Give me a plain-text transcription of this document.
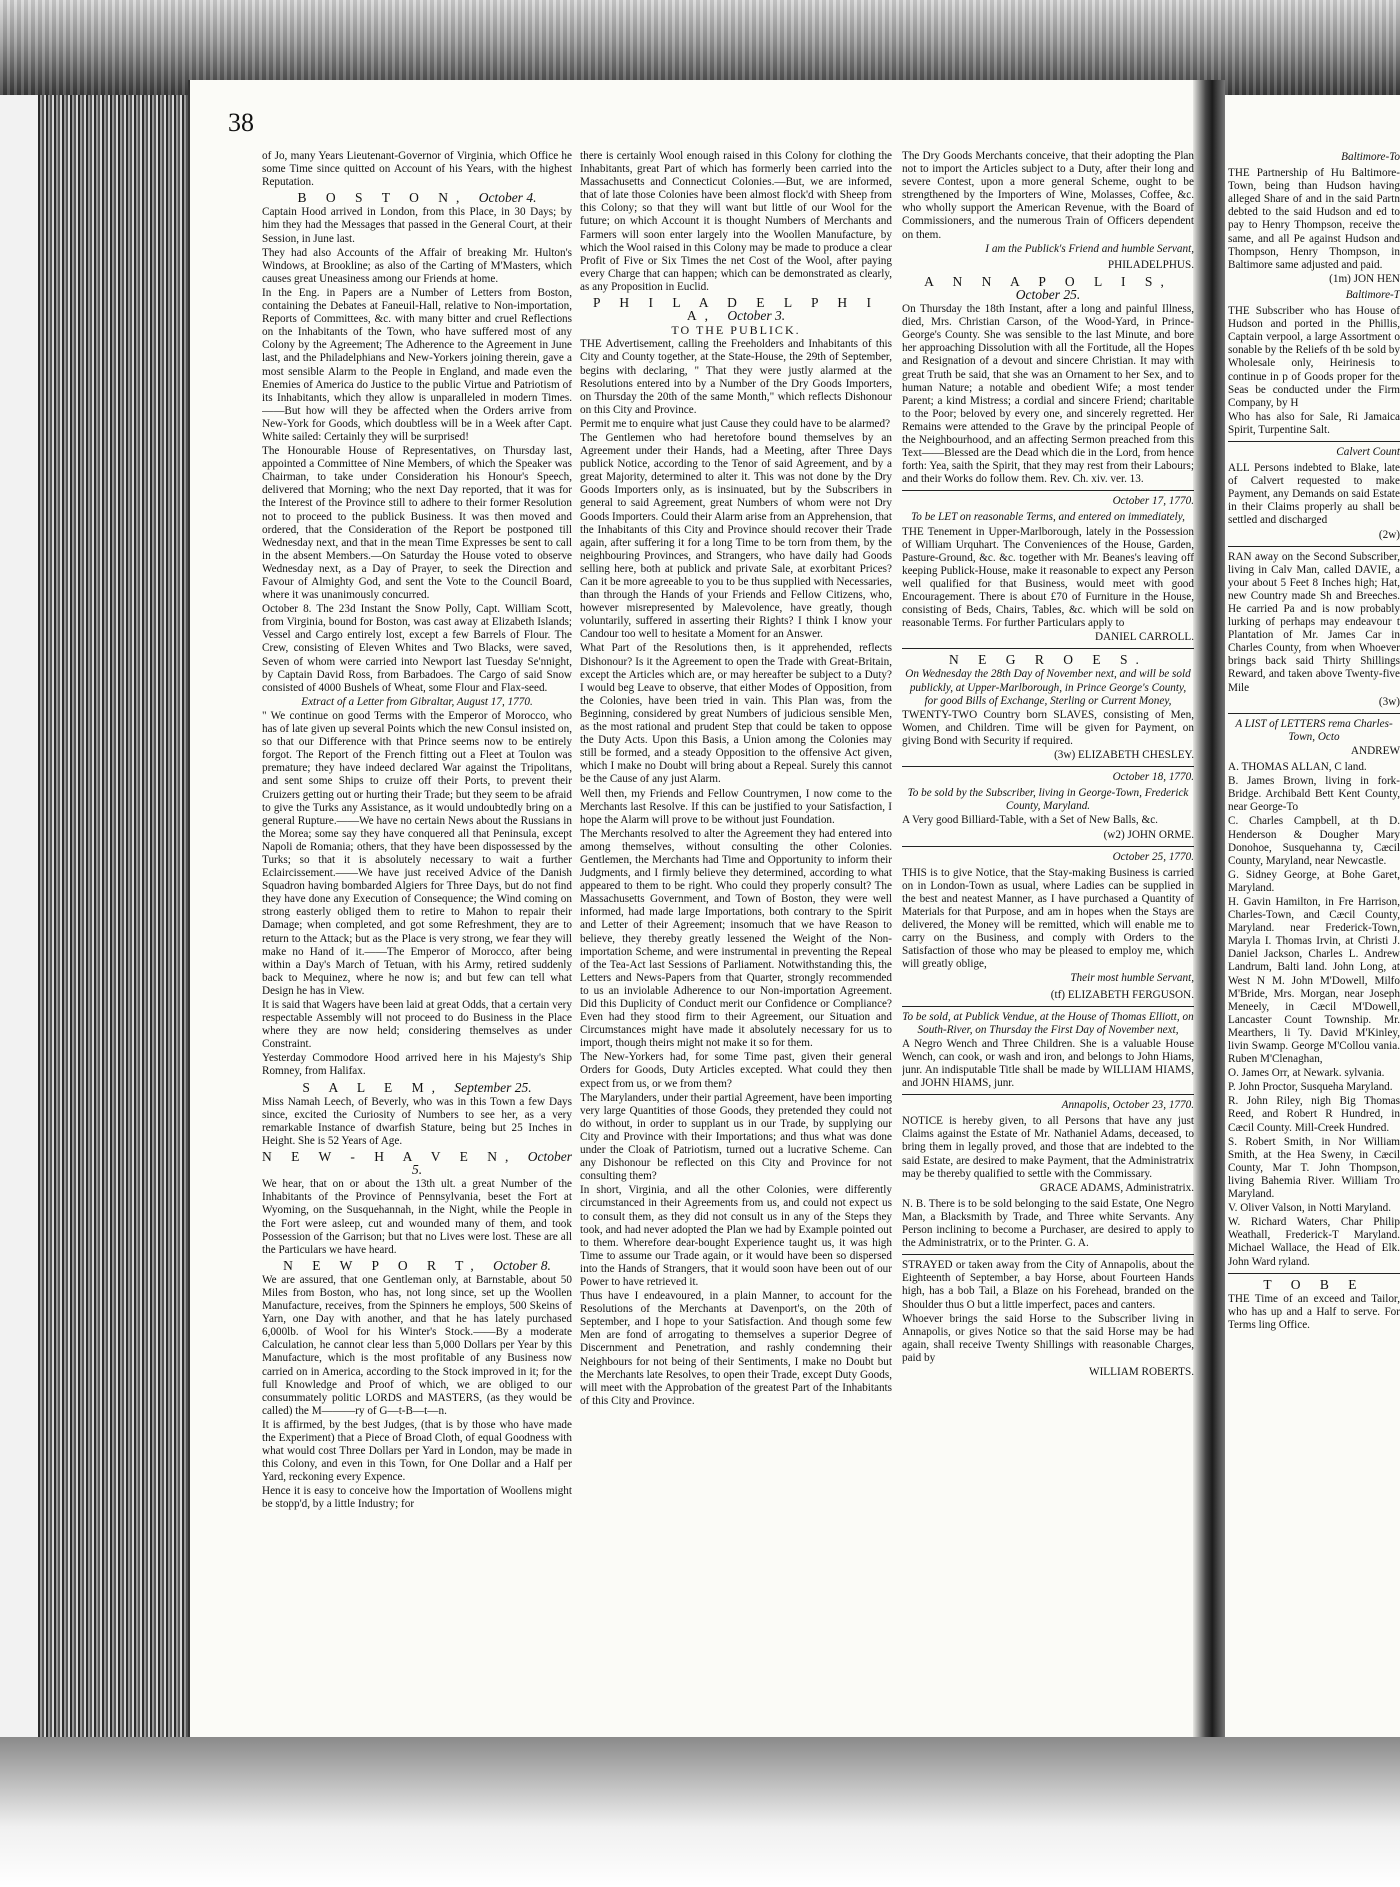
38

of Jo, many Years Lieutenant-Governor of Virginia, which Office he some Time since quitted on Account of his Years, with the highest Reputation.

B O S T O N, October 4.

Captain Hood arrived in London, from this Place, in 30 Days; by him they had the Messages that passed in the General Court, at their Session, in June last.

They had also Accounts of the Affair of breaking Mr. Hulton's Windows, at Brookline; as also of the Carting of M'Masters, which causes great Uneasiness among our Friends at home.

In the Eng. in Papers are a Number of Letters from Boston, containing the Debates at Faneuil-Hall, relative to Non-importation, Reports of Committees, &c. with many bitter and cruel Reflections on the Inhabitants of the Town, who have suffered most of any Colony by the Agreement; The Adherence to the Agreement in June last, and the Philadelphians and New-Yorkers joining therein, gave a most sensible Alarm to the People in England, and made even the Enemies of America do Justice to the public Virtue and Patriotism of its Inhabitants, which they allow is unparalleled in modern Times.——But how will they be affected when the Orders arrive from New-York for Goods, which doubtless will be in a Week after Capt. White sailed: Certainly they will be surprised!

The Honourable House of Representatives, on Thursday last, appointed a Committee of Nine Members, of which the Speaker was Chairman, to take under Consideration his Honour's Speech, delivered that Morning; who the next Day reported, that it was for the Interest of the Province still to adhere to their former Resolution not to proceed to the publick Business. It was then moved and ordered, that the Consideration of the Report be postponed till Wednesday next, and that in the mean Time Expresses be sent to call in the absent Members.—On Saturday the House voted to observe Wednesday next, as a Day of Prayer, to seek the Direction and Favour of Almighty God, and sent the Vote to the Council Board, where it was unanimously concurred.

October 8. The 23d Instant the Snow Polly, Capt. William Scott, from Virginia, bound for Boston, was cast away at Elizabeth Islands; Vessel and Cargo entirely lost, except a few Barrels of Flour. The Crew, consisting of Eleven Whites and Two Blacks, were saved, Seven of whom were carried into Newport last Tuesday Se'nnight, by Captain David Ross, from Barbadoes. The Cargo of said Snow consisted of 4000 Bushels of Wheat, some Flour and Flax-seed.

Extract of a Letter from Gibraltar, August 17, 1770.

" We continue on good Terms with the Emperor of Morocco, who has of late given up several Points which the new Consul insisted on, so that our Difference with that Prince seems now to be entirely forgot. The Report of the French fitting out a Fleet at Toulon was premature; they have indeed declared War against the Tripolitans, and sent some Ships to cruize off their Ports, to prevent their Cruizers getting out or hurting their Trade; but they seem to be afraid to give the Turks any Assistance, as it would undoubtedly bring on a general Rupture.——We have no certain News about the Russians in the Morea; some say they have conquered all that Peninsula, except Napoli de Romania; others, that they have been dispossessed by the Turks; so that it is absolutely necessary to wait a further Eclaircissement.——We have just received Advice of the Danish Squadron having bombarded Algiers for Three Days, but do not find they have done any Execution of Consequence; the Wind coming on strong easterly obliged them to retire to Mahon to repair their Damage; when completed, and got some Refreshment, they are to return to the Attack; but as the Place is very strong, we fear they will make no Hand of it.——The Emperor of Morocco, after being within a Day's March of Tetuan, with his Army, retired suddenly back to Mequinez, where he now is; and but few can tell what Design he has in View.

It is said that Wagers have been laid at great Odds, that a certain very respectable Assembly will not proceed to do Business in the Place where they are now held; considering themselves as under Constraint.

Yesterday Commodore Hood arrived here in his Majesty's Ship Romney, from Halifax.

S A L E M, September 25.

Miss Namah Leech, of Beverly, who was in this Town a few Days since, excited the Curiosity of Numbers to see her, as a very remarkable Instance of dwarfish Stature, being but 25 Inches in Height. She is 52 Years of Age.

N E W - H A V E N, October 5.

We hear, that on or about the 13th ult. a great Number of the Inhabitants of the Province of Pennsylvania, beset the Fort at Wyoming, on the Susquehannah, in the Night, while the People in the Fort were asleep, cut and wounded many of them, and took Possession of the Garrison; but that no Lives were lost. These are all the Particulars we have heard.

N E W P O R T, October 8.

We are assured, that one Gentleman only, at Barnstable, about 50 Miles from Boston, who has, not long since, set up the Woollen Manufacture, receives, from the Spinners he employs, 500 Skeins of Yarn, one Day with another, and that he has lately purchased 6,000lb. of Wool for his Winter's Stock.——By a moderate Calculation, he cannot clear less than 5,000 Dollars per Year by this Manufacture, which is the most profitable of any Business now carried on in America, according to the Stock improved in it; for the full Knowledge and Proof of which, we are obliged to our consummately politic LORDS and MASTERS, (as they would be called) the M———ry of G—t-B—t—n.

It is affirmed, by the best Judges, (that is by those who have made the Experiment) that a Piece of Broad Cloth, of equal Goodness with what would cost Three Dollars per Yard in London, may be made in this Colony, and even in this Town, for One Dollar and a Half per Yard, reckoning every Expence.

Hence it is easy to conceive how the Importation of Woollens might be stopp'd, by a little Industry; for

there is certainly Wool enough raised in this Colony for clothing the Inhabitants, great Part of which has formerly been carried into the Massachusetts and Connecticut Colonies.—But, we are informed, that of late those Colonies have been almost flock'd with Sheep from this Colony; so that they will want but little of our Wool for the future; on which Account it is thought Numbers of Merchants and Farmers will soon enter largely into the Woollen Manufacture, by which the Wool raised in this Colony may be made to produce a clear Profit of Five or Six Times the net Cost of the Wool, after paying every Charge that can happen; which can be demonstrated as clearly, as any Proposition in Euclid.

P H I L A D E L P H I A, October 3.
TO THE PUBLICK.

THE Advertisement, calling the Freeholders and Inhabitants of this City and County together, at the State-House, the 29th of September, begins with declaring, " That they were justly alarmed at the Resolutions entered into by a Number of the Dry Goods Importers, on Thursday the 20th of the same Month," which reflects Dishonour on this City and Province.

Permit me to enquire what just Cause they could have to be alarmed?

The Gentlemen who had heretofore bound themselves by an Agreement under their Hands, had a Meeting, after Three Days publick Notice, according to the Tenor of said Agreement, and by a great Majority, determined to alter it. This was not done by the Dry Goods Importers only, as is insinuated, but by the Subscribers in general to said Agreement, great Numbers of whom were not Dry Goods Importers. Could their Alarm arise from an Apprehension, that the Inhabitants of this City and Province should recover their Trade again, after suffering it for a long Time to be torn from them, by the neighbouring Provinces, and Strangers, who have daily had Goods selling here, both at publick and private Sale, at exorbitant Prices? Can it be more agreeable to you to be thus supplied with Necessaries, than through the Hands of your Friends and Fellow Citizens, who, however misrepresented by Malevolence, have greatly, though voluntarily, suffered in asserting their Rights? I think I know your Candour too well to hesitate a Moment for an Answer.

What Part of the Resolutions then, is it apprehended, reflects Dishonour? Is it the Agreement to open the Trade with Great-Britain, except the Articles which are, or may hereafter be subject to a Duty? I would beg Leave to observe, that either Modes of Opposition, from the Colonies, have been tried in vain. This Plan was, from the Beginning, considered by great Numbers of judicious sensible Men, as the most rational and prudent Step that could be taken to oppose the Duty Acts. Upon this Basis, a Union among the Colonies may still be formed, and a steady Opposition to the offensive Act given, which I make no Doubt will bring about a Repeal. Surely this cannot be the Cause of any just Alarm.

Well then, my Friends and Fellow Countrymen, I now come to the Merchants last Resolve. If this can be justified to your Satisfaction, I hope the Alarm will prove to be without just Foundation.

The Merchants resolved to alter the Agreement they had entered into among themselves, without consulting the other Colonies. Gentlemen, the Merchants had Time and Opportunity to inform their Judgments, and I firmly believe they determined, according to what appeared to them to be right. Who could they properly consult? The Massachusetts Government, and Town of Boston, they were well informed, had made large Importations, both contrary to the Spirit and Letter of their Agreement; insomuch that we have Reason to believe, they thereby greatly lessened the Weight of the Non-importation Scheme, and were instrumental in preventing the Repeal of the Tea-Act last Sessions of Parliament. Notwithstanding this, the Letters and News-Papers from that Quarter, strongly recommended to us an inviolable Adherence to our Non-importation Agreement. Did this Duplicity of Conduct merit our Confidence or Compliance? Even had they stood firm to their Agreement, our Situation and Circumstances might have made it absolutely necessary for us to import, though theirs might not make it so for them.

The New-Yorkers had, for some Time past, given their general Orders for Goods, Duty Articles excepted. What could they then expect from us, or we from them?

The Marylanders, under their partial Agreement, have been importing very large Quantities of those Goods, they pretended they could not do without, in order to supplant us in our Trade, by supplying our City and Province with their Importations; and thus what was done under the Cloak of Patriotism, turned out a lucrative Scheme. Can any Dishonour be reflected on this City and Province for not consulting them?

In short, Virginia, and all the other Colonies, were differently circumstanced in their Agreements from us, and could not expect us to consult them, as they did not consult us in any of the Steps they took, and had never adopted the Plan we had by Example pointed out to them. Wherefore dear-bought Experience taught us, it was high Time to assume our Trade again, or it would have been so dispersed into the Hands of Strangers, that it would soon have been out of our Power to have retrieved it.

Thus have I endeavoured, in a plain Manner, to account for the Resolutions of the Merchants at Davenport's, on the 20th of September, and I hope to your Satisfaction. And though some few Men are fond of arrogating to themselves a superior Degree of Discernment and Penetration, and rashly condemning their Neighbours for not being of their Sentiments, I make no Doubt but the Merchants late Resolves, to open their Trade, except Duty Goods, will meet with the Approbation of the greatest Part of the Inhabitants of this City and Province.

The Dry Goods Merchants conceive, that their adopting the Plan not to import the Articles subject to a Duty, after their long and severe Contest, upon a more general Scheme, ought to be strengthened by the Importers of Wine, Molasses, Coffee, &c. who wholly support the American Revenue, with the Board of Commissioners, and the numerous Train of Officers dependent on them.

I am the Publick's Friend and humble Servant,
PHILADELPHUS.
A N N A P O L I S, October 25.

On Thursday the 18th Instant, after a long and painful Illness, died, Mrs. Christian Carson, of the Wood-Yard, in Prince-George's County. She was sensible to the last Minute, and bore her approaching Dissolution with all the Fortitude, all the Hopes and Resignation of a devout and sincere Christian. It may with great Truth be said, that she was an Ornament to her Sex, and to human Nature; a notable and obedient Wife; a most tender Parent; a kind Mistress; a cordial and sincere Friend; charitable to the Poor; beloved by every one, and sincerely regretted. Her Remains were attended to the Grave by the principal People of the Neighbourhood, and an affecting Sermon preached from this Text——Blessed are the Dead which die in the Lord, from hence forth: Yea, saith the Spirit, that they may rest from their Labours; and their Works do follow them. Rev. Ch. xiv. ver. 13.

October 17, 1770.

To be LET on reasonable Terms, and entered on immediately,

THE Tenement in Upper-Marlborough, lately in the Possession of William Urquhart. The Conveniences of the House, Garden, Pasture-Ground, &c. &c. together with Mr. Beanes's leaving off keeping Publick-House, make it reasonable to expect any Person well qualified for that Business, would meet with good Encouragement. There is about £70 of Furniture in the House, consisting of Beds, Chairs, Tables, &c. which will be sold on reasonable Terms. For further Particulars apply to

DANIEL CARROLL.
N E G R O E S.

On Wednesday the 28th Day of November next, and will be sold publickly, at Upper-Marlborough, in Prince George's County, for good Bills of Exchange, Sterling or Current Money,

TWENTY-TWO Country born SLAVES, consisting of Men, Women, and Children. Time will be given for Payment, on giving Bond with Security if required.

(3w) ELIZABETH CHESLEY.
October 18, 1770.

To be sold by the Subscriber, living in George-Town, Frederick County, Maryland.

A Very good Billiard-Table, with a Set of New Balls, &c.

(w2) JOHN ORME.
October 25, 1770.

THIS is to give Notice, that the Stay-making Business is carried on in London-Town as usual, where Ladies can be supplied in the best and neatest Manner, as I have purchased a Quantity of Materials for that Purpose, and am in hopes when the Stays are delivered, the Money will be remitted, which will enable me to carry on the Business, and comply with Orders to the Satisfaction of those who may be pleased to employ me, which will greatly oblige,

Their most humble Servant,
(tf) ELIZABETH FERGUSON.

To be sold, at Publick Vendue, at the House of Thomas Elliott, on South-River, on Thursday the First Day of November next,

A Negro Wench and Three Children. She is a valuable House Wench, can cook, or wash and iron, and belongs to John Hiams, junr. An indisputable Title shall be made by WILLIAM HIAMS, and JOHN HIAMS, junr.

Annapolis, October 23, 1770.

NOTICE is hereby given, to all Persons that have any just Claims against the Estate of Mr. Nathaniel Adams, deceased, to bring them in legally proved, and those that are indebted to the said Estate, are desired to make Payment, that the Administratrix may be thereby qualified to settle with the Commissary.

GRACE ADAMS, Administratrix.

N. B. There is to be sold belonging to the said Estate, One Negro Man, a Blacksmith by Trade, and Three white Servants. Any Person inclining to become a Purchaser, are desired to apply to the Administratrix, or to the Printer. G. A.

STRAYED or taken away from the City of Annapolis, about the Eighteenth of September, a bay Horse, about Fourteen Hands high, has a bob Tail, a Blaze on his Forehead, branded on the Shoulder thus O but a little imperfect, paces and canters.

Whoever brings the said Horse to the Subscriber living in Annapolis, or gives Notice so that the said Horse may be had again, shall receive Twenty Shillings with reasonable Charges, paid by

WILLIAM ROBERTS.
Baltimore-To

THE Partnership of Hu Baltimore-Town, being than Hudson having alleged Share of and in the said Partn debted to the said Hudson and ed to pay to Henry Thompson, receive the same, and all Pe against Hudson and Thompson, Henry Thompson, in Baltimore same adjusted and paid.

(1m) JON HEN
Baltimore-T

THE Subscriber who has House of Hudson and ported in the Phillis, Captain verpool, a large Assortment o sonable by the Reliefs of th be sold by Wholesale only, Heirinesis to continue in p of Goods proper for the Seas be conducted under the Firm Company, by H

Who has also for Sale, Ri Jamaica Spirit, Turpentine Salt.

Calvert Count

ALL Persons indebted to Blake, late of Calvert requested to make Payment, any Demands on said Estate in their Claims properly au shall be settled and discharged

(2w)

RAN away on the Second Subscriber, living in Calv Man, called DAVIE, a your about 5 Feet 8 Inches high; Hat, new Country made Sh and Breeches. He carried Pa and is now probably lurking of perhaps may endeavour t Plantation of Mr. James Car in Charles County, from when Whoever brings back said Thirty Shillings Reward, and taken above Twenty-five Mile

(3w)

A LIST of LETTERS rema Charles-Town, Octo

ANDREW

A. THOMAS ALLAN, C land.

B. James Brown, living in fork-Bridge. Archibald Bett Kent County, near George-To

C. Charles Campbell, at th D. Henderson & Dougher Mary Donohoe, Susquehanna ty, Cæcil County, Maryland, near Newcastle.

G. Sidney George, at Bohe Garet, Maryland.

H. Gavin Hamilton, in Fre Harrison, Charles-Town, and Cæcil County, Maryland. near Frederick-Town, Maryla I. Thomas Irvin, at Christi J. Daniel Jackson, Charles L. Andrew Landrum, Balti land. John Long, at West N M. John M'Dowell, Milfo M'Bride, Mrs. Morgan, near Joseph Meneely, in Cæcil M'Dowell, Lancaster Count Township. Mr. Mearthers, li Ty. David M'Kinley, livin Swamp. George M'Collou vania. Ruben M'Clenaghan,

O. James Orr, at Newark. sylvania.

P. John Proctor, Susqueha Maryland.

R. John Riley, nigh Big Thomas Reed, and Robert R Hundred, in Cæcil County. Mill-Creek Hundred.

S. Robert Smith, in Nor William Smith, at the Hea Sweny, in Cæcil County, Mar T. John Thompson, living Bahemia River. William Tro Maryland.

V. Oliver Valson, in Notti Maryland.

W. Richard Waters, Char Philip Weathall, Frederick-T Maryland. Michael Wallace, the Head of Elk. John Ward ryland.

T O B E

THE Time of an exceed and Tailor, who has up and a Half to serve. For Terms ling Office.
